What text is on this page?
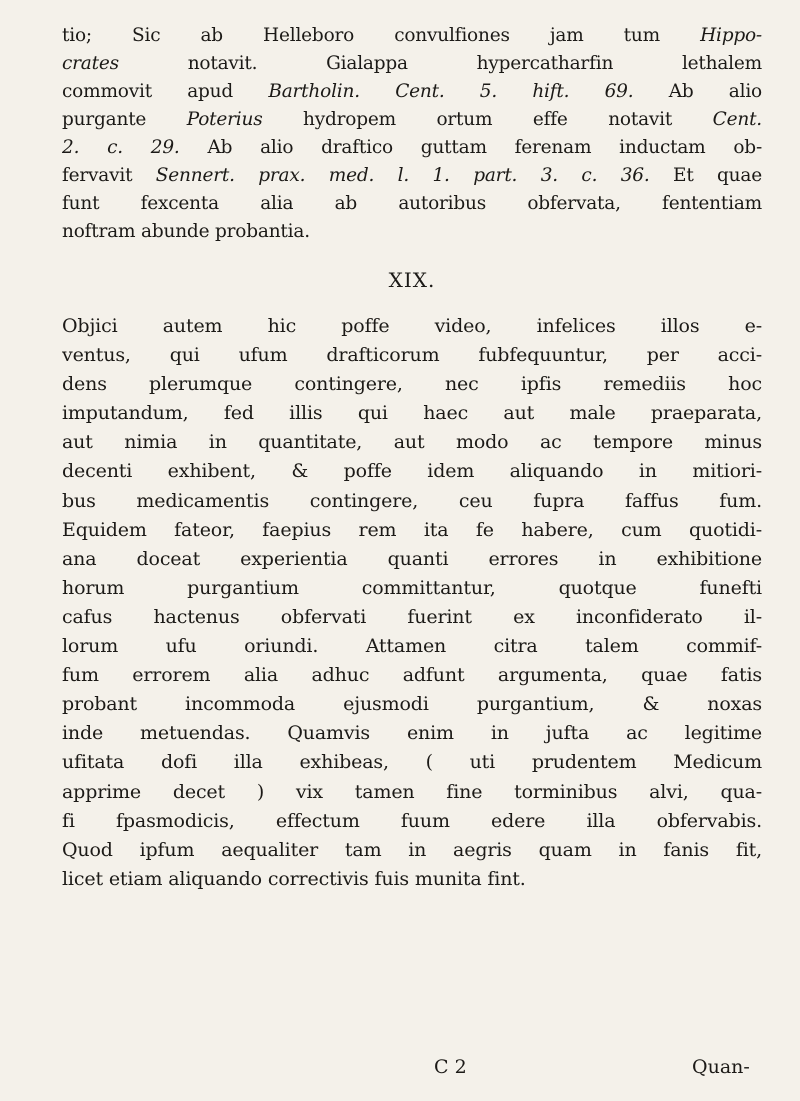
tio; Sic ab Helleboro convulfiones jam tum Hippo-
crates notavit. Gialappa hypercatharfin lethalem
commovit apud Bartholin. Cent. 5. hift. 69. Ab alio
purgante Poterius hydropem ortum effe notavit Cent.
2. c. 29. Ab alio draftico guttam ferenam inductam ob-
fervavit Sennert. prax. med. l. 1. part. 3. c. 36. Et quae
funt fexcenta alia ab autoribus obfervata, fententiam
noftram abunde probantia.
XIX.
Objici autem hic poffe video, infelices illos e-
ventus, qui ufum drafticorum fubfequuntur, per acci-
dens plerumque contingere, nec ipfis remediis hoc
imputandum, fed illis qui haec aut male praeparata,
aut nimia in quantitate, aut modo ac tempore minus
decenti exhibent, & poffe idem aliquando in mitiori-
bus medicamentis contingere, ceu fupra faffus fum.
Equidem fateor, faepius rem ita fe habere, cum quotidi-
ana doceat experientia quanti errores in exhibitione
horum purgantium committantur, quotque funefti
cafus hactenus obfervati fuerint ex inconfiderato il-
lorum ufu oriundi. Attamen citra talem commif-
fum errorem alia adhuc adfunt argumenta, quae fatis
probant incommoda ejusmodi purgantium, & noxas
inde metuendas. Quamvis enim in jufta ac legitime
ufitata dofi illa exhibeas, ( uti prudentem Medicum
apprime decet ) vix tamen fine torminibus alvi, qua-
fi fpasmodicis, effectum fuum edere illa obfervabis.
Quod ipfum aequaliter tam in aegris quam in fanis fit,
licet etiam aliquando correctivis fuis munita fint.
C 2	Quan-
